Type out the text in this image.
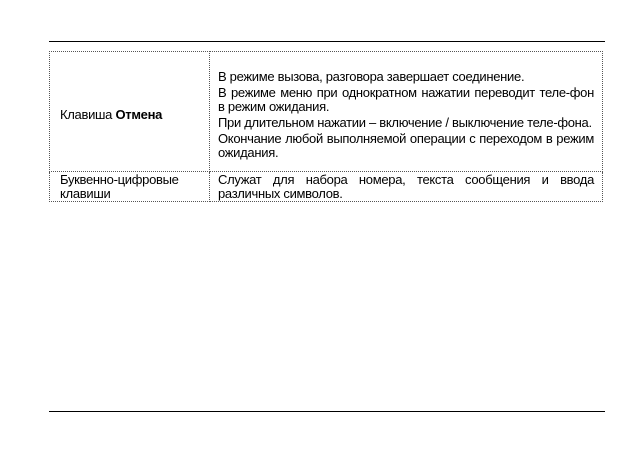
Клавиша Отмена	В режиме вызова, разговора завершает соединение.

В режиме меню при однократном нажатии переводит теле-фон в режим ожидания.

При длительном нажатии – включение / выключение теле-фона.

Окончание любой выполняемой операции с переходом в режим ожидания.

Буквенно-цифровые клавиши	Служат для набора номера, текста сообщения и ввода различных символов.
